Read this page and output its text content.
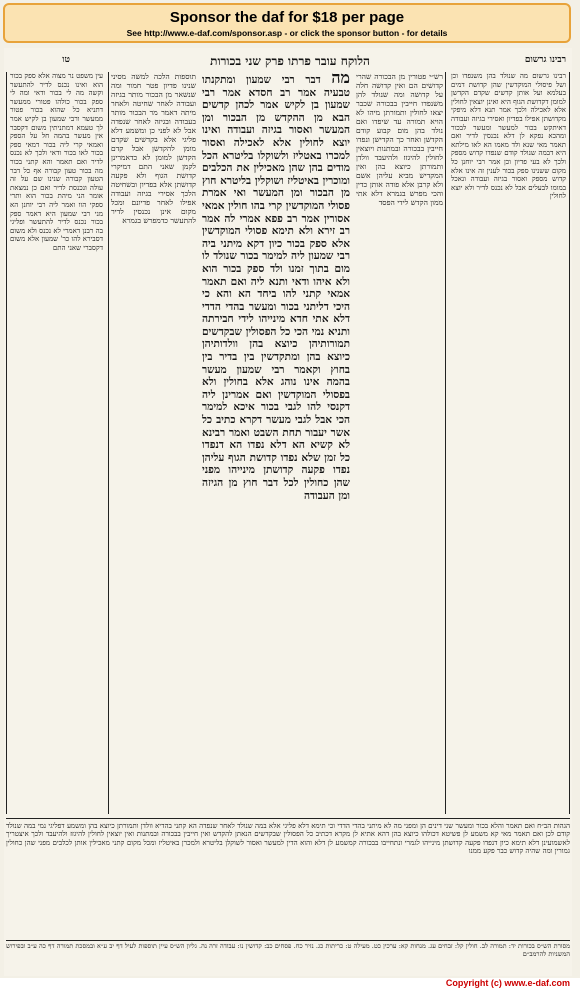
Sponsor the daf for $18 per page
See http://www.e-daf.com/sponsor.asp - or click the sponsor button - for details
טו	הלוקח עובר פרתו פרק שני בכורות	רבינו גרשום
עין משפט נר מצוה אלא ספק בכור הוא ואינו נכנס לדיר להתעשר וקשה מה לי בכור ודאי ומה לי ספק בכור כולהו פטורי ממעשר דתניא כל שהוא בכור פטור ממעשר ורבי שמעון בן לקיש אמר לך טעמא דמתניתין משום דקסבר אין מעשר בהמה חל על הספק ואמאי קרי ליה בכור דמאי ספק בכור לאו בכור ודאי ולכך לא נכנס לדיר ואם תאמר והא קתני בכור מה בכור טעון קבורה אף כל דבר הטעון קבורה שנינו שם על זה עולה ונכנסת לדיר ואם כן נמצאת אומר הני מיהת בכור הוא ותרי ספקי הוו ואמר ליה רבי יוחנן הא מני רבי שמעון היא דאמר ספק בכור נכנס לדיר להתעשר ופליגי בה רבנן דאמרי לא נכנס ולא משום דסבירא להו כר' שמעון אלא משום דקסברי שאני התם
תוספות הלכה למשה מסיני שנינו פדיון פטר חמור ומה שנשאר מן הבכור מותר בגיזה ועבודה לאחר שחיטה ולאחר מיתה דאמר מר הבכור מותר בעבודה ובגיזה לאחר שנפדה אבל לא לפני כן ומשמע דלא פליגי אלא בקדשים שקדם מומן להקדשן אבל קדם הקדשן למומן לא כדאמרינן לקמן שאני התם דמיקרי קדושת הגוף ולא פקעה קדושתן אלא בפדיון ובשחיטה הלכך אסירי בגיזה ועבודה אפילו לאחר פדיונם ומכל מקום אינן נכנסין לדיר להתעשר כדמפרש בגמרא
מה דבר רבי שמעון ומתקנתו טבעיה אמר רב חסדא אמר רבי שמעון בן לקיש אמר לכהן קדשים הבא מן ההקדש מן הבכור ומן המעשר ואסור בגיזה ועבודה ואינו יוצא לחולין אלא לאכילה ואסור למכרו באטליז ולשוקלו בליטרא הכל מודים בהן שהן מאכילין את הכלבים ומוכרין באיטליז ושוקלין בליטרא חוץ מן הבכור ומן המעשר ואי אמרת פסולי המוקדשין קרי בהו חולין אמאי אסורין אמר רב פפא אמרי לה אמר רב זירא ולא תימא פסולי המוקדשין אלא ספק בכור כיון דקא מיתני ביה רבי שמעון ליה למימר בכור שנולד לו מום בתוך זמנו ולד ספק בכור הוא ולא איהו ודאי ותנא ליה ואם תאמר אמאי קתני להו ביחד הא והא כי היכי דליתני בכור ומעשר בהדי הדדי דלא אתי חדא מינייהו לידי חבירתה ותניא נמי הכי כל הפסולין שבקדשים תמורותיהן כיוצא בהן וולדותיהן כיוצא בהן ומתקדשין בין בדיר בין בחוץ וקאמר רבי שמעון מעשר בהמה אינו נוהג אלא בחולין ולא בפסולי המוקדשין ואם אמרינן ליה דקנסי להו לגבי בכור איכא למימר הכי אבל לגבי מעשר דקרא כתיב כל אשר יעבור תחת השבט ואמר רבינא לא קשיא הא דלא נפדו הא דנפדו כל זמן שלא נפדו קדושת הגוף עליהן נפדו פקעה קדושתן מינייהו מפני שהן כחולין לכל דבר חוץ מן הגיזה ומן העבודה
רש״י פטורין מן הבכורה שהרי קדושים הם ואין קדושה חלה על קדושה ומה שנולד להן משנפדו חייבין בבכורה שכבר יצאו לחולין ותמורתן מיהו לא הויא תמורה עד שיפדו ואם נולד בהן מום קבוע קודם הקדשן ואחר כך הקדישן ונפדו חייבין בבכורה ובמתנות ויוצאין לחולין להיגזז ולהיעבד וולדן ותמורתן כיוצא בהן ואין המקדיש מביא עליהן אשם ולא קרבן אלא פודה אותן כדין והכי מפרש בגמרא דלא אתי ממון הקדש לידי הפסד
רבינו גרשום מה שנולד בהן משנפדו וכן ושל פיסולי המוקדשין שהן קדושת דמים בעלמא ועל אותן קדשים שקדם הקדשן למומן דקדושת הגוף היא ואינן יוצאין לחולין אלא לאכילה ולכך אמר תנא דלא מיפקי מקדושתן אפילו בפדיון ואסירי בגיזה ועבודה דאיתקש בכור למעשר ומעשר לבכור ומהכא נפקא לן דלא נכנסין לדיר ואם תאמר מאי שנא ולד מאמו הא לאו מילתא היא דבמה שנולד קודם שנפדו קדוש מספק ולכך לא בעי פדיון וכן אמר רבי יוחנן כל מקום ששנינו ספק בכור לענין זה אינו אלא קדוש מספק ואסור בגיזה ועבודה ונאכל במומו לבעלים אבל לא נכנס לדיר ולא יוצא לחולין
הגהות הב״ח ואם תאמר והלא בכור ומעשר שני דינים הן ומפני מה לא מיתני בהדי הדדי וכי תימא דלא פליגי אלא במה שנולד לאחר שנפדה הא קתני בהדיא וולדן ותמורתן כיוצא בהן ומשמע דפליגי נמי במה שנולד קודם לכן ואם תאמר מאי קא משמע לן פשיטא דכולהו כיוצא בהן דהא אתיא לן מקרא דכתיב כל הפסולין שבקדשים הנאתן להקדש ואין חייבין בבכורה ובמתנות ואין יוצאין לחולין להיגזז ולהיעבד ולכך איצטריך לאשמועינן דלא תימא כיון דנפדו פקעה קדושתן מינייהו לגמרי ונתחייבו בבכורה קמשמע לן דלא והוא הדין למעשר ואסור לשוקלן בליטרא ולמכרן באיטליז ומכל מקום קתני מאכילין אותן לכלבים מפני שהן כחולין גמורין ומה שהיה קדוש כבר פקע ממנו
מסורת הש״ס בכורות יד: תמורה לב. חולין קל: זבחים עג. מנחות קא: ערכין כט. מעילה ט: כריתות כג. נזיר כח. פסחים כב: קדושין נו: עבודה זרה נה. גליון הש״ס עיין תוספות לעיל דף יב ע״א ובמסכת תמורה דף כה ע״ב ובפירוש המשניות להרמב״ם
Copyright (c) www.e-daf.com
